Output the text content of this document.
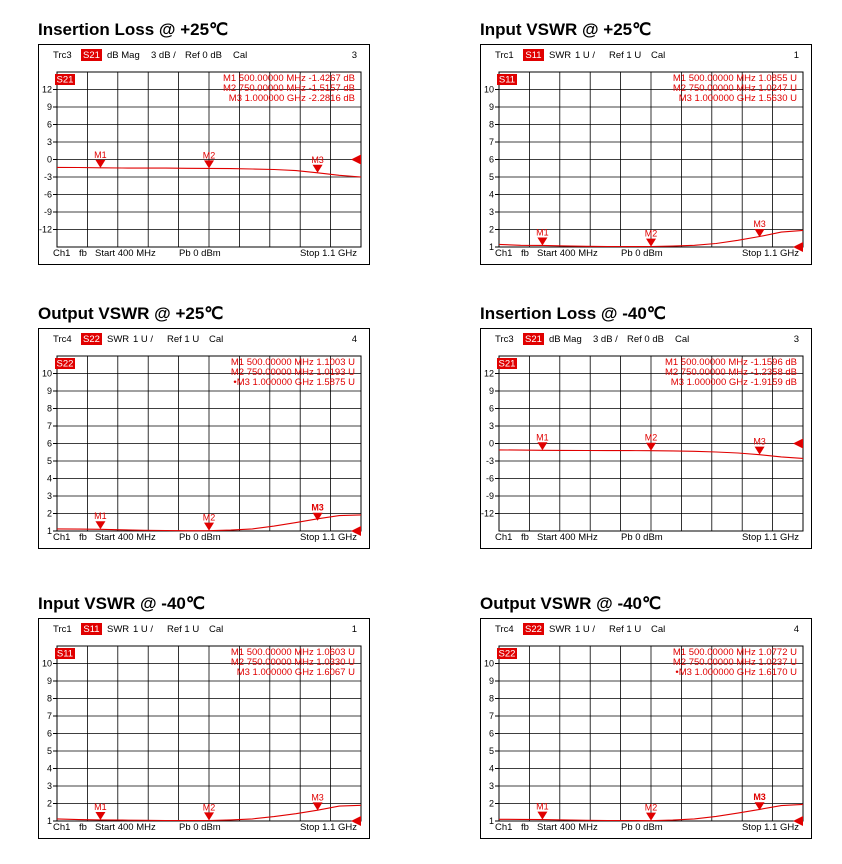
Insertion Loss @ +25℃
Trc3 S21 dB Mag 3 dB / Ref 0 dB Cal	3
12
9
6
3
0
-3
-6
-9
-12
S21
M1	M2	M3
M1 500.00000 MHz -1.4267 dB
M2 750.00000 MHz -1.5157 dB
M3 1.000000 GHz -2.2816 dB
Ch1 fb Start 400 MHz Pb 0 dBm	Stop 1.1 GHz
Input VSWR @ +25℃
Trc1 S11 SWR 1 U / Ref 1 U Cal	1
10
9
8
7
6
5
4
3
2
1
S11
M1	M2
M3
M1 500.00000 MHz 1.0855 U
M2 750.00000 MHz 1.0247 U
M3 1.000000 GHz 1.5630 U
Ch1 fb Start 400 MHz Pb 0 dBm	Stop 1.1 GHz
Output VSWR @ +25℃
Trc4 S22 SWR 1 U / Ref 1 U Cal	4
10
9
8
7
6
5
4
3
2
1
S22
M1	M2
M3
M1 500.00000 MHz 1.1003 U
M2 750.00000 MHz 1.0193 U
•M3 1.000000 GHz 1.5875 U
Ch1 fb Start 400 MHz Pb 0 dBm	Stop 1.1 GHz
Insertion Loss @ -40℃
Trc3 S21 dB Mag 3 dB / Ref 0 dB Cal	3
12
9
6
3
0
-3
-6
-9
-12
S21
M1	M2	M3
M1 500.00000 MHz -1.1596 dB
M2 750.00000 MHz -1.2358 dB
M3 1.000000 GHz -1.9159 dB
Ch1 fb Start 400 MHz Pb 0 dBm	Stop 1.1 GHz
Input VSWR @ -40℃
Trc1 S11 SWR 1 U / Ref 1 U Cal	1
10
9
8
7
6
5
4
3
2
1
S11
M1	M2
M3
M1 500.00000 MHz 1.0603 U
M2 750.00000 MHz 1.0330 U
M3 1.000000 GHz 1.6067 U
Ch1 fb Start 400 MHz Pb 0 dBm	Stop 1.1 GHz
Output VSWR @ -40℃
Trc4 S22 SWR 1 U / Ref 1 U Cal	4
10
9
8
7
6
5
4
3
2
1
S22
M1	M2
M3
M1 500.00000 MHz 1.0772 U
M2 750.00000 MHz 1.0237 U
•M3 1.000000 GHz 1.6170 U
Ch1 fb Start 400 MHz Pb 0 dBm	Stop 1.1 GHz
